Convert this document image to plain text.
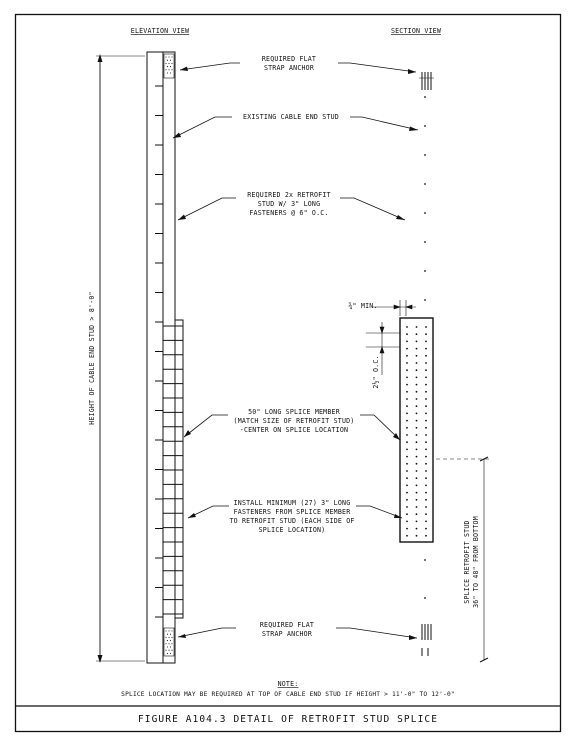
ELEVATION VIEW	SECTION VIEW
HEIGHT OF CABLE END STUD > 8'-0"	¾" MIN.
2½" O.C.
SPLICE RETROFIT STUD 36" TO 48" FROM BOTTOM
REQUIRED FLAT
STRAP ANCHOR
EXISTING CABLE END STUD
REQUIRED 2x RETROFIT
STUD W/ 3" LONG
FASTENERS @ 6" O.C.
50" LONG SPLICE MEMBER
(MATCH SIZE OF RETROFIT STUD)
-CENTER ON SPLICE LOCATION
INSTALL MINIMUM (27) 3" LONG
FASTENERS FROM SPLICE MEMBER
TO RETROFIT STUD (EACH SIDE OF
SPLICE LOCATION)
REQUIRED FLAT
STRAP ANCHOR
NOTE:
SPLICE LOCATION MAY BE REQUIRED AT TOP OF CABLE END STUD IF HEIGHT > 11'-0" TO 12'-0"
FIGURE A104.3 DETAIL OF RETROFIT STUD SPLICE
